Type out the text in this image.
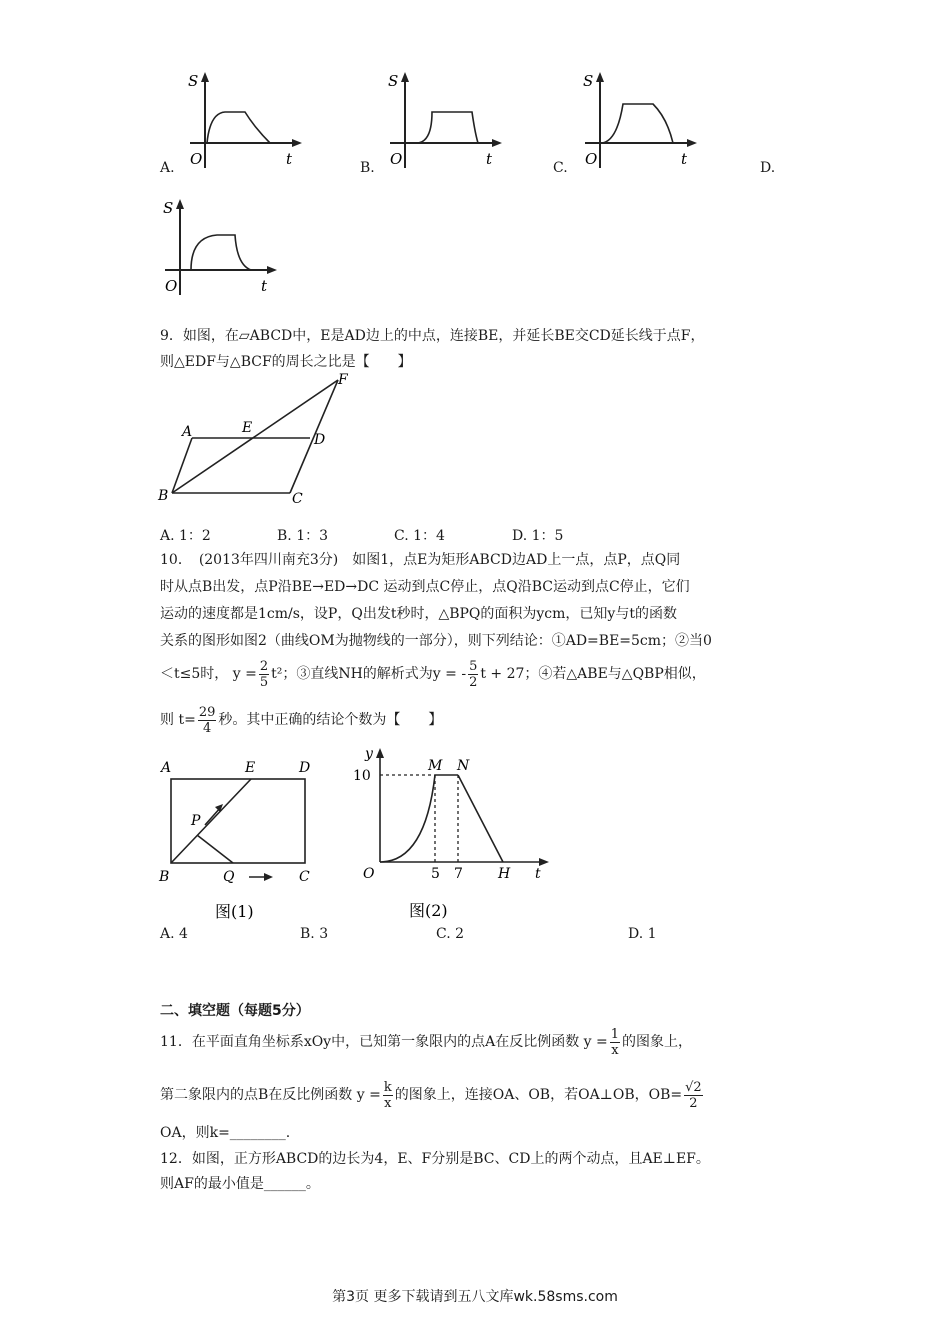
S
O	t
S
O	t
S
O	t
S
O	t
A.	B.	C.	D.
9．如图，在▱ABCD中，E是AD边上的中点，连接BE，并延长BE交CD延长线于点F，
则△EDF与△BCF的周长之比是【　　】
A	E
D
F
B	C
A. 1：2	B. 1：3	C. 1：4	D. 1：5
10．　(2013年四川南充3分)　如图1，点E为矩形ABCD边AD上一点，点P，点Q同
时从点B出发，点P沿BE→ED→DC 运动到点C停止，点Q沿BC运动到点C停止，它们
运动的速度都是1cm/s，设P，Q出发t秒时，△BPQ的面积为ycm，已知y与t的函数
关系的图形如图2（曲线OM为抛物线的一部分），则下列结论：①AD=BE=5cm；②当0
＜t≤5时， $y = \frac{2}{5} t^2$；③直线NH的解析式为y = - $\frac{5}{2}$ t + 27；④若△ABE与△QBP相似，
则 $t= \frac{29}{4}$ 秒。其中正确的结论个数为【　　】
A	E	D
P
B	Q	C
图(1)
y
10
M N
O	5 7	H t
图(2)
A. 4	B. 3	C. 2	D. 1
二、填空题（每题5分）
11．在平面直角坐标系xOy中，已知第一象限内的点A在反比例函数 $y = \frac{1}{x}$ 的图象上，
第二象限内的点B在反比例函数 $y = \frac{k}{x}$ 的图象上，连接OA、OB，若OA⊥OB，$OB= \frac{√2}{2}$
OA，则k=________.
12．如图，正方形ABCD的边长为4，E、F分别是BC、CD上的两个动点，且AE⊥EF。
则AF的最小值是______。
第3页 更多下载请到五八文库wk.58sms.com
